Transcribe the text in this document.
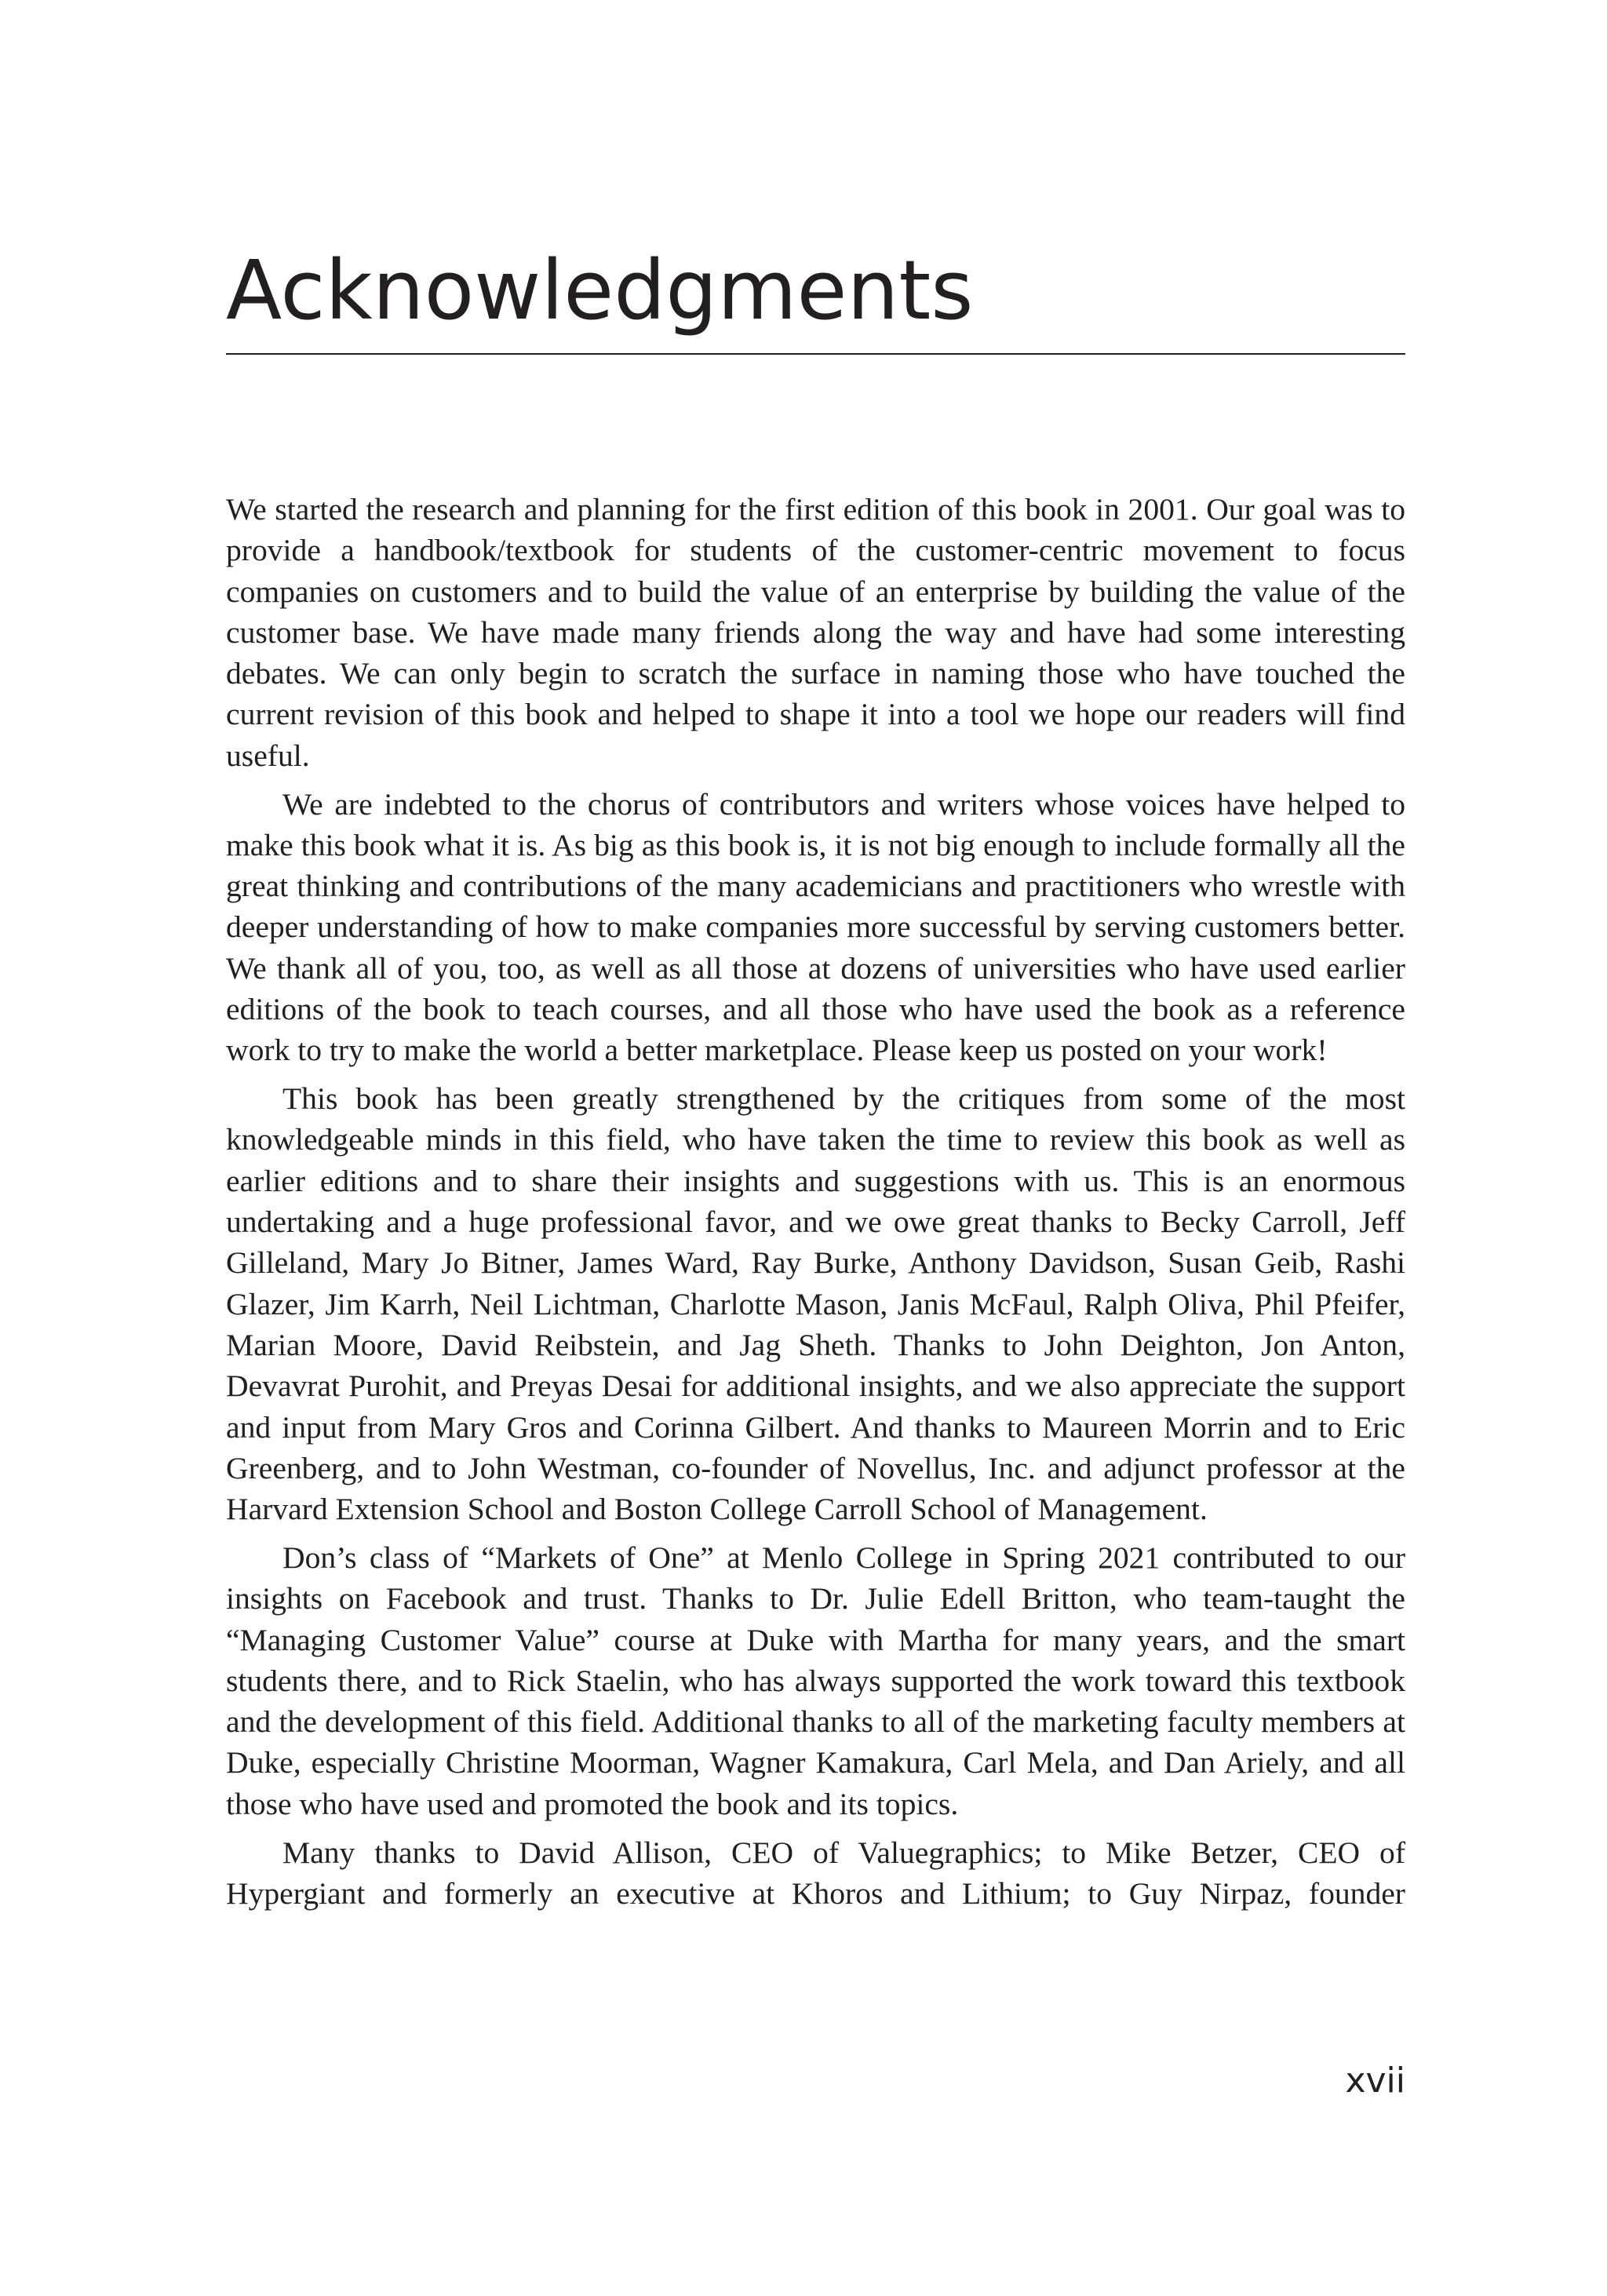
Acknowledgments

We started the research and planning for the first edition of this book in 2001. Our goal was to provide a handbook/textbook for students of the customer-centric movement to focus companies on customers and to build the value of an enterprise by building the value of the customer base. We have made many friends along the way and have had some interesting debates. We can only begin to scratch the surface in naming those who have touched the current revision of this book and helped to shape it into a tool we hope our readers will find useful.

We are indebted to the chorus of contributors and writers whose voices have helped to make this book what it is. As big as this book is, it is not big enough to include formally all the great thinking and contributions of the many academicians and practitioners who wrestle with deeper understanding of how to make companies more successful by serving customers better. We thank all of you, too, as well as all those at dozens of universities who have used earlier editions of the book to teach courses, and all those who have used the book as a reference work to try to make the world a better marketplace. Please keep us posted on your work!

This book has been greatly strengthened by the critiques from some of the most knowledgeable minds in this field, who have taken the time to review this book as well as earlier editions and to share their insights and suggestions with us. This is an enormous undertaking and a huge professional favor, and we owe great thanks to Becky Carroll, Jeff Gilleland, Mary Jo Bitner, James Ward, Ray Burke, Anthony Davidson, Susan Geib, Rashi Glazer, Jim Karrh, Neil Lichtman, Charlotte Mason, Janis McFaul, Ralph Oliva, Phil Pfeifer, Marian Moore, David Reibstein, and Jag Sheth. Thanks to John Deighton, Jon Anton, Devavrat Purohit, and Preyas Desai for additional insights, and we also appreciate the support and input from Mary Gros and Corinna Gilbert. And thanks to Maureen Morrin and to Eric Greenberg, and to John Westman, co-founder of Novellus, Inc. and adjunct professor at the Harvard Extension School and Boston College Carroll School of Management.

Don’s class of “Markets of One” at Menlo College in Spring 2021 contributed to our insights on Facebook and trust. Thanks to Dr. Julie Edell Britton, who team-taught the “Managing Customer Value” course at Duke with Martha for many years, and the smart students there, and to Rick Staelin, who has always supported the work toward this textbook and the development of this field. Additional thanks to all of the marketing faculty members at Duke, especially Christine Moorman, Wagner Kamakura, Carl Mela, and Dan Ariely, and all those who have used and promoted the book and its topics.

Many thanks to David Allison, CEO of Valuegraphics; to Mike Betzer, CEO of Hypergiant and formerly an executive at Khoros and Lithium; to Guy Nirpaz, founder

xvii
